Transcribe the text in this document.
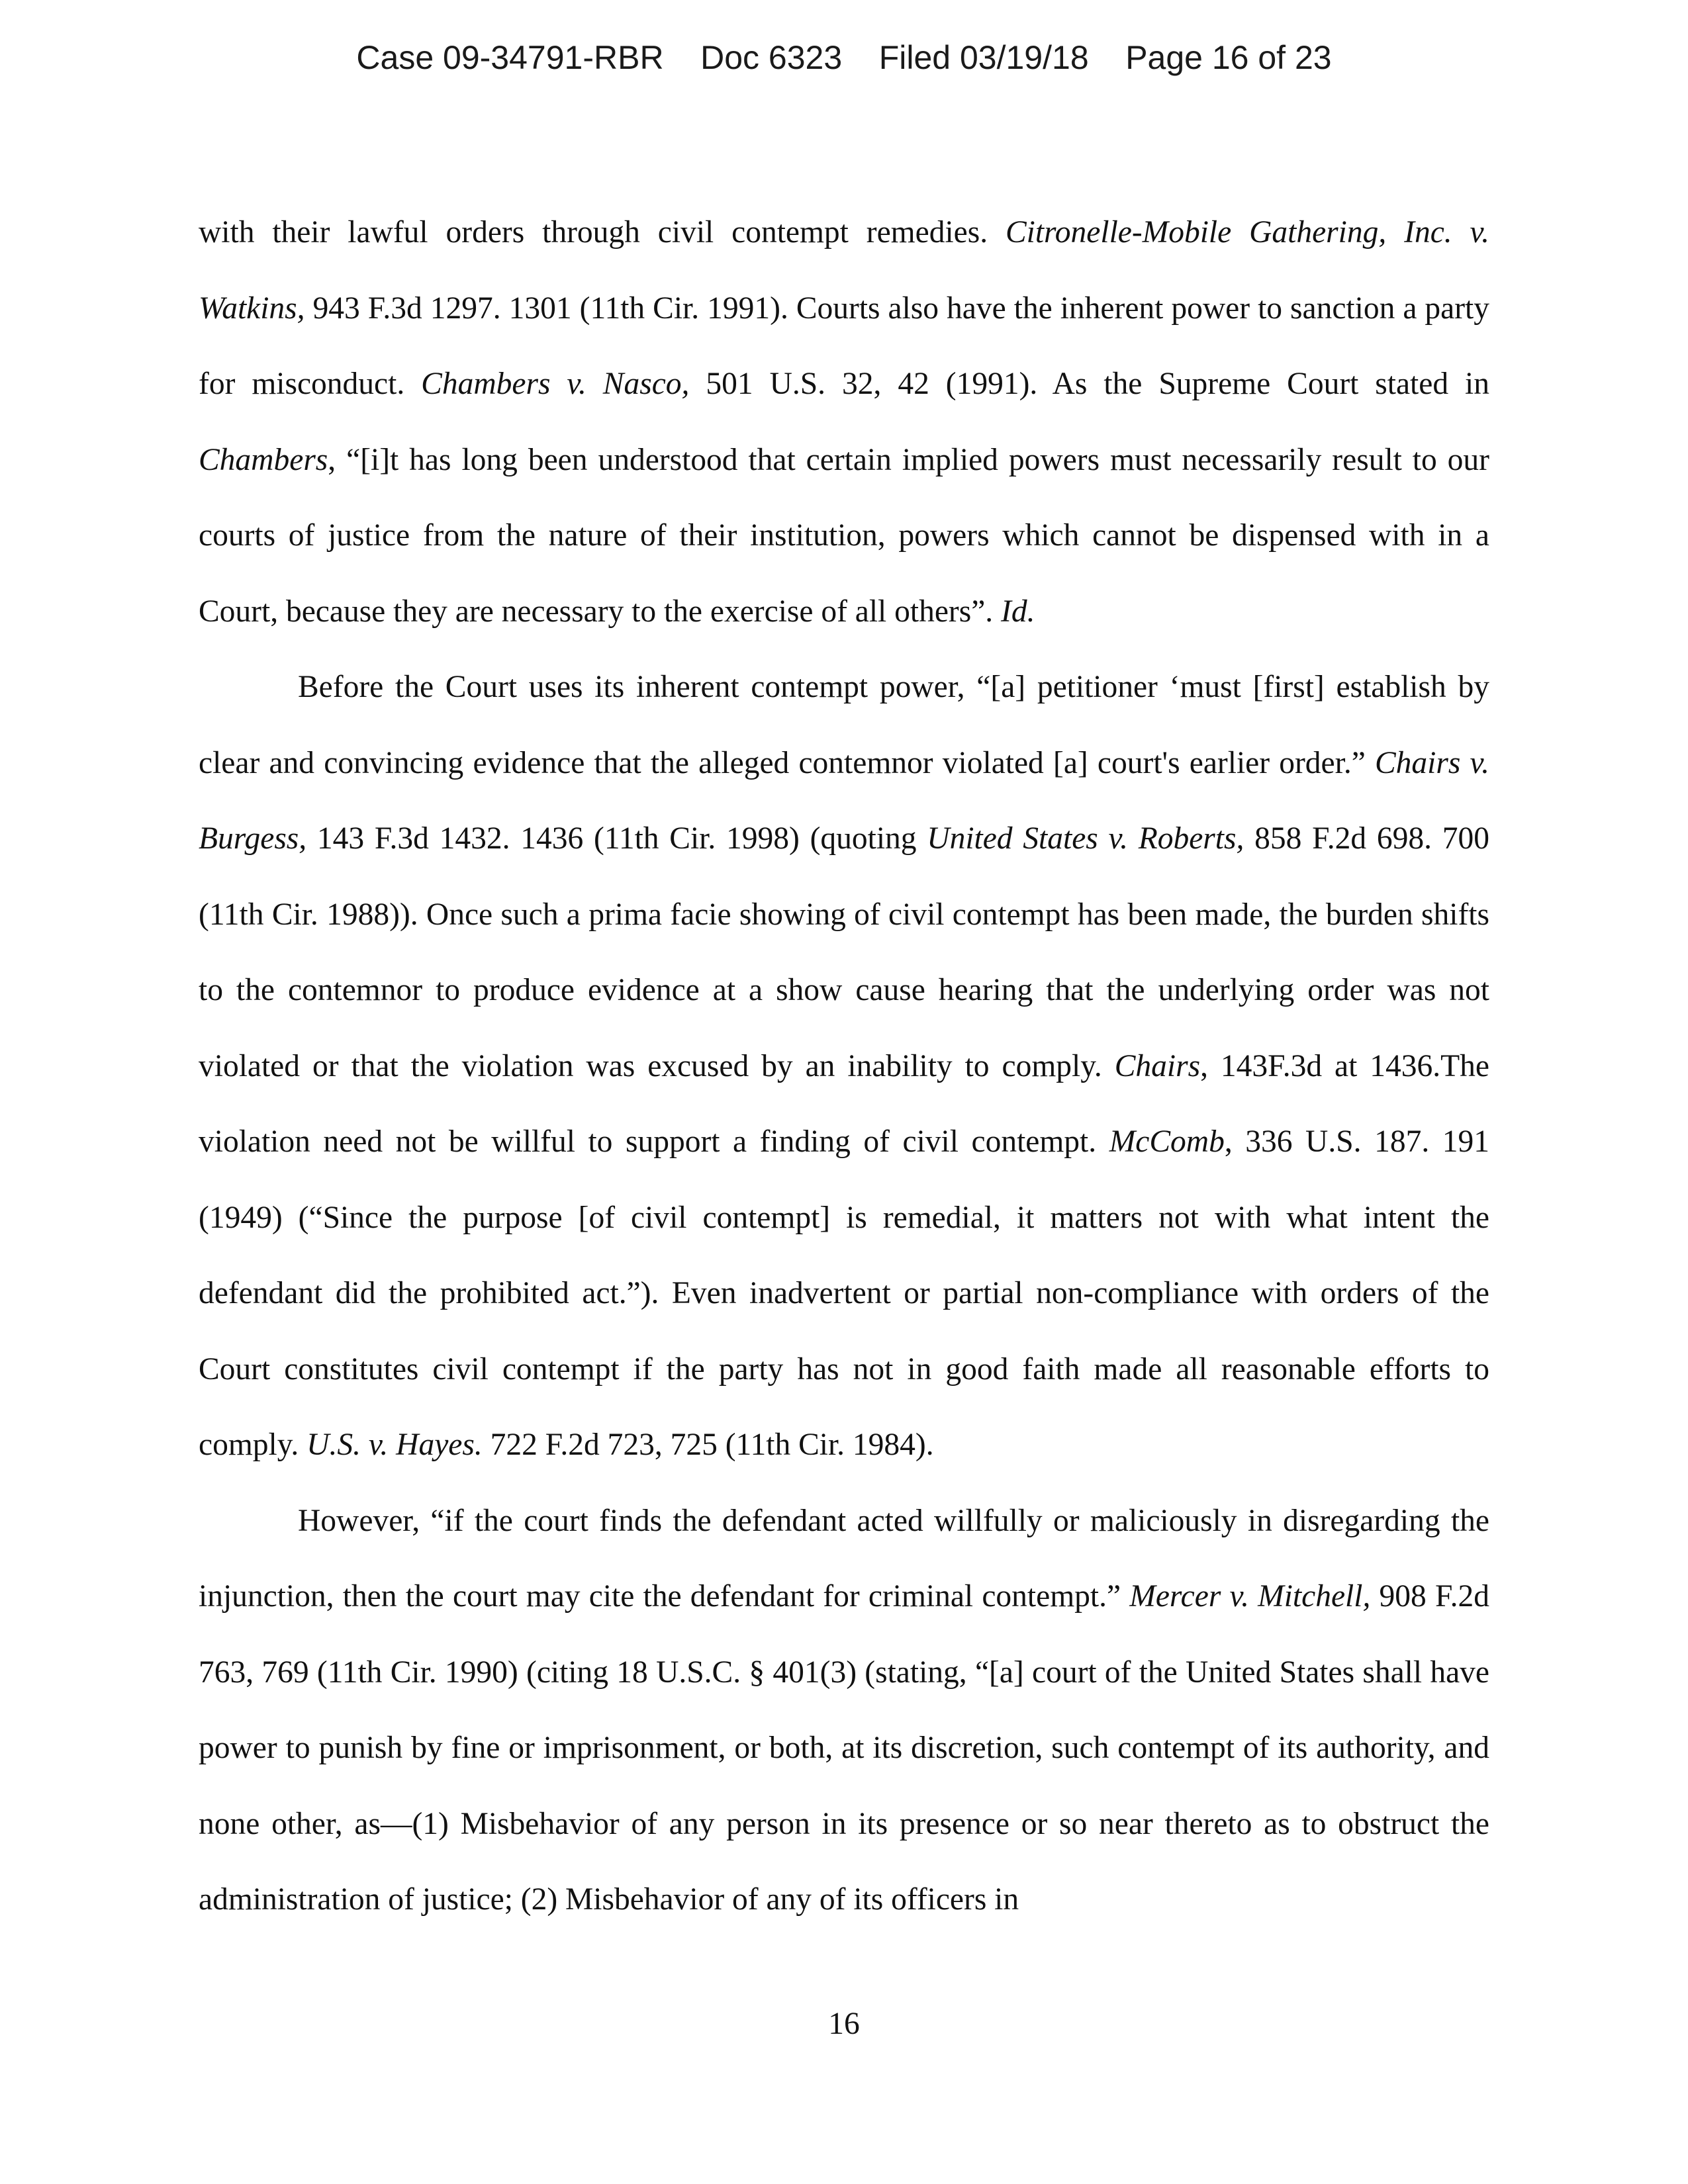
Case 09-34791-RBR    Doc 6323    Filed 03/19/18    Page 16 of 23

with their lawful orders through civil contempt remedies. Citronelle-Mobile Gathering, Inc. v. Watkins, 943 F.3d 1297. 1301 (11th Cir. 1991). Courts also have the inherent power to sanction a party for misconduct. Chambers v. Nasco, 501 U.S. 32, 42 (1991). As the Supreme Court stated in Chambers, “[i]t has long been understood that certain implied powers must necessarily result to our courts of justice from the nature of their institution, powers which cannot be dispensed with in a Court, because they are necessary to the exercise of all others”. Id.

Before the Court uses its inherent contempt power, “[a] petitioner ‘must [first] establish by clear and convincing evidence that the alleged contemnor violated [a] court's earlier order.” Chairs v. Burgess, 143 F.3d 1432. 1436 (11th Cir. 1998) (quoting United States v. Roberts, 858 F.2d 698. 700 (11th Cir. 1988)). Once such a prima facie showing of civil contempt has been made, the burden shifts to the contemnor to produce evidence at a show cause hearing that the underlying order was not violated or that the violation was excused by an inability to comply. Chairs, 143F.3d at 1436.The violation need not be willful to support a finding of civil contempt. McComb, 336 U.S. 187. 191 (1949) (“Since the purpose [of civil contempt] is remedial, it matters not with what intent the defendant did the prohibited act.”). Even inadvertent or partial non-compliance with orders of the Court constitutes civil contempt if the party has not in good faith made all reasonable efforts to comply. U.S. v. Hayes. 722 F.2d 723, 725 (11th Cir. 1984).

However, “if the court finds the defendant acted willfully or maliciously in disregarding the injunction, then the court may cite the defendant for criminal contempt.” Mercer v. Mitchell, 908 F.2d 763, 769 (11th Cir. 1990) (citing 18 U.S.C. § 401(3) (stating, “[a] court of the United States shall have power to punish by fine or imprisonment, or both, at its discretion, such contempt of its authority, and none other, as—(1) Misbehavior of any person in its presence or so near thereto as to obstruct the administration of justice; (2) Misbehavior of any of its officers in

16
